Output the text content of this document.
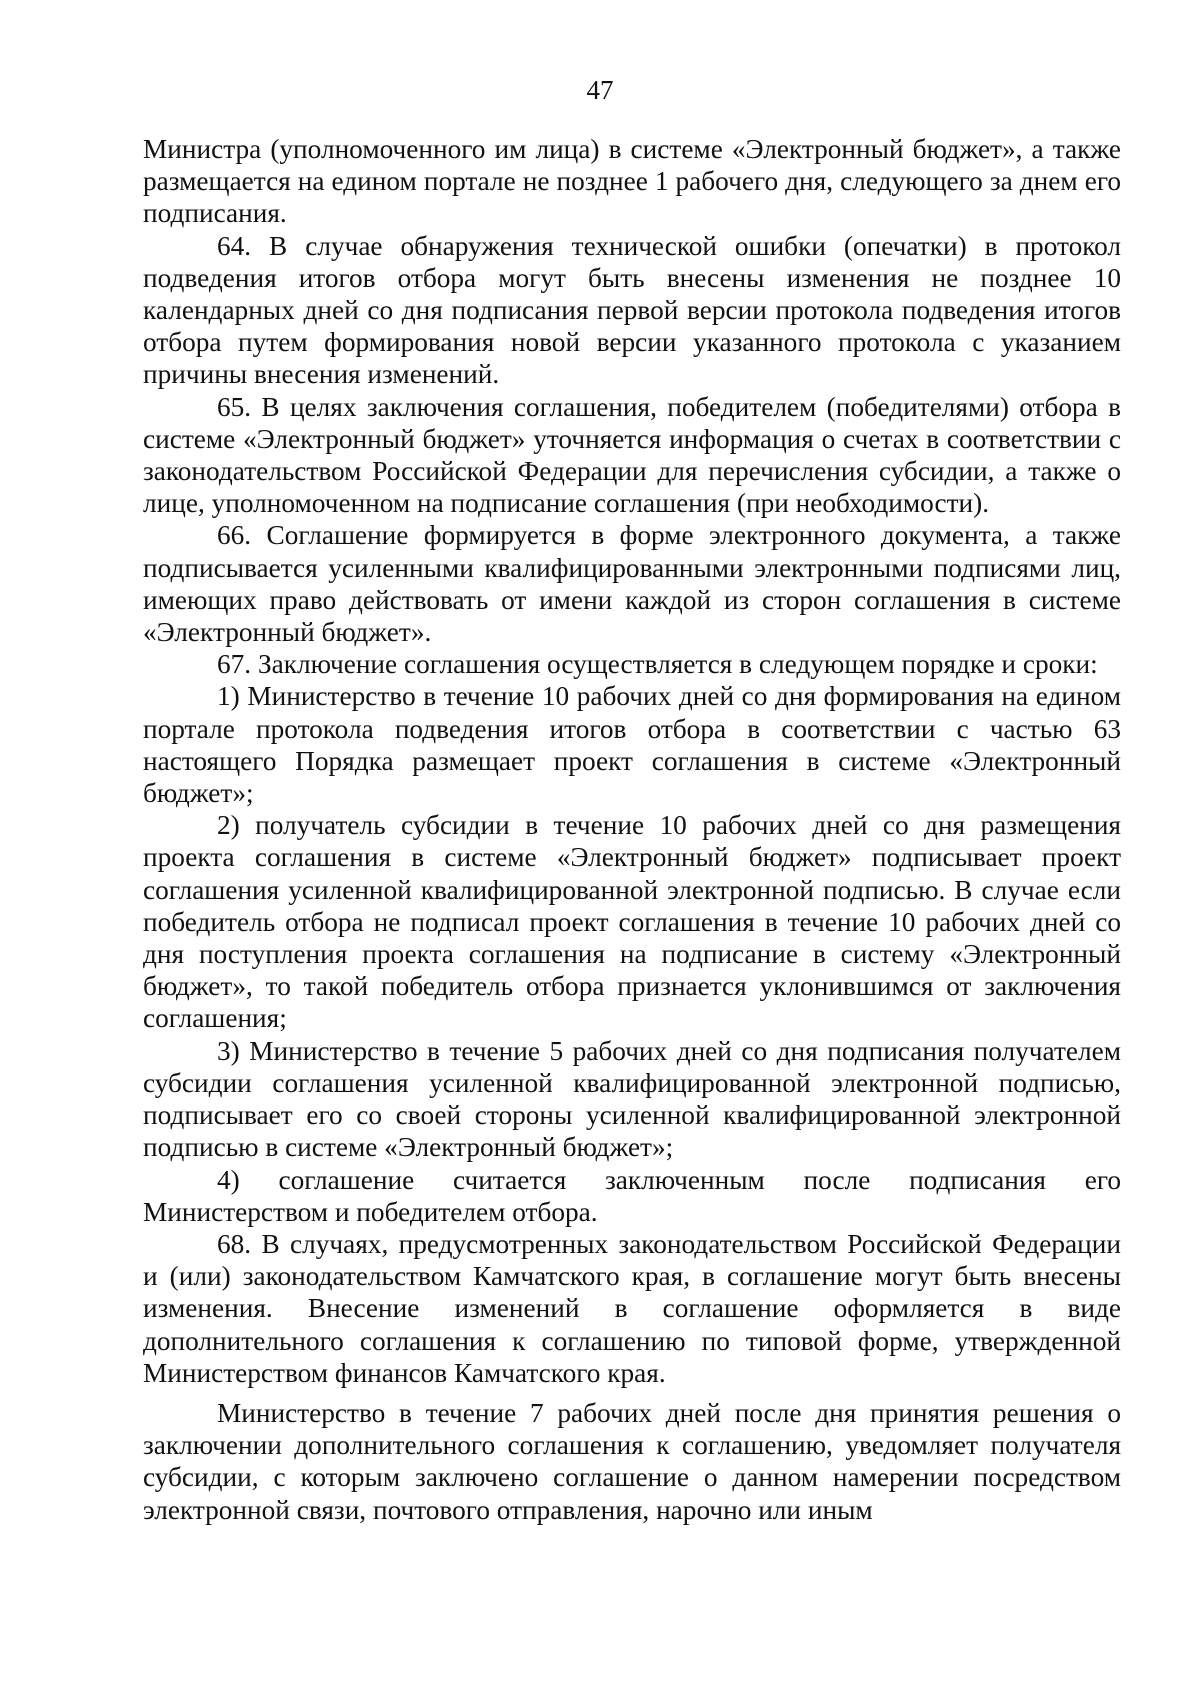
47

Министра (уполномоченного им лица) в системе «Электронный бюджет», а также размещается на едином портале не позднее 1 рабочего дня, следующего за днем его подписания.

64. В случае обнаружения технической ошибки (опечатки) в протокол подведения итогов отбора могут быть внесены изменения не позднее 10 календарных дней со дня подписания первой версии протокола подведения итогов отбора путем формирования новой версии указанного протокола с указанием причины внесения изменений.

65. В целях заключения соглашения, победителем (победителями) отбора в системе «Электронный бюджет» уточняется информация о счетах в соответствии с законодательством Российской Федерации для перечисления субсидии, а также о лице, уполномоченном на подписание соглашения (при необходимости).

66. Соглашение формируется в форме электронного документа, а также подписывается усиленными квалифицированными электронными подписями лиц, имеющих право действовать от имени каждой из сторон соглашения в системе «Электронный бюджет».

67. Заключение соглашения осуществляется в следующем порядке и сроки:

1) Министерство в течение 10 рабочих дней со дня формирования на едином портале протокола подведения итогов отбора в соответствии с частью 63 настоящего Порядка размещает проект соглашения в системе «Электронный бюджет»;

2) получатель субсидии в течение 10 рабочих дней со дня размещения проекта соглашения в системе «Электронный бюджет» подписывает проект соглашения усиленной квалифицированной электронной подписью. В случае если победитель отбора не подписал проект соглашения в течение 10 рабочих дней со дня поступления проекта соглашения на подписание в систему «Электронный бюджет», то такой победитель отбора признается уклонившимся от заключения соглашения;

3) Министерство в течение 5 рабочих дней со дня подписания получателем субсидии соглашения усиленной квалифицированной электронной подписью, подписывает его со своей стороны усиленной квалифицированной электронной подписью в системе «Электронный бюджет»;

4) соглашение считается заключенным после подписания его Министерством и победителем отбора.

68. В случаях, предусмотренных законодательством Российской Федерации и (или) законодательством Камчатского края, в соглашение могут быть внесены изменения. Внесение изменений в соглашение оформляется в виде дополнительного соглашения к соглашению по типовой форме, утвержденной Министерством финансов Камчатского края.

Министерство в течение 7 рабочих дней после дня принятия решения о заключении дополнительного соглашения к соглашению, уведомляет получателя субсидии, с которым заключено соглашение о данном намерении посредством электронной связи, почтового отправления, нарочно или иным
